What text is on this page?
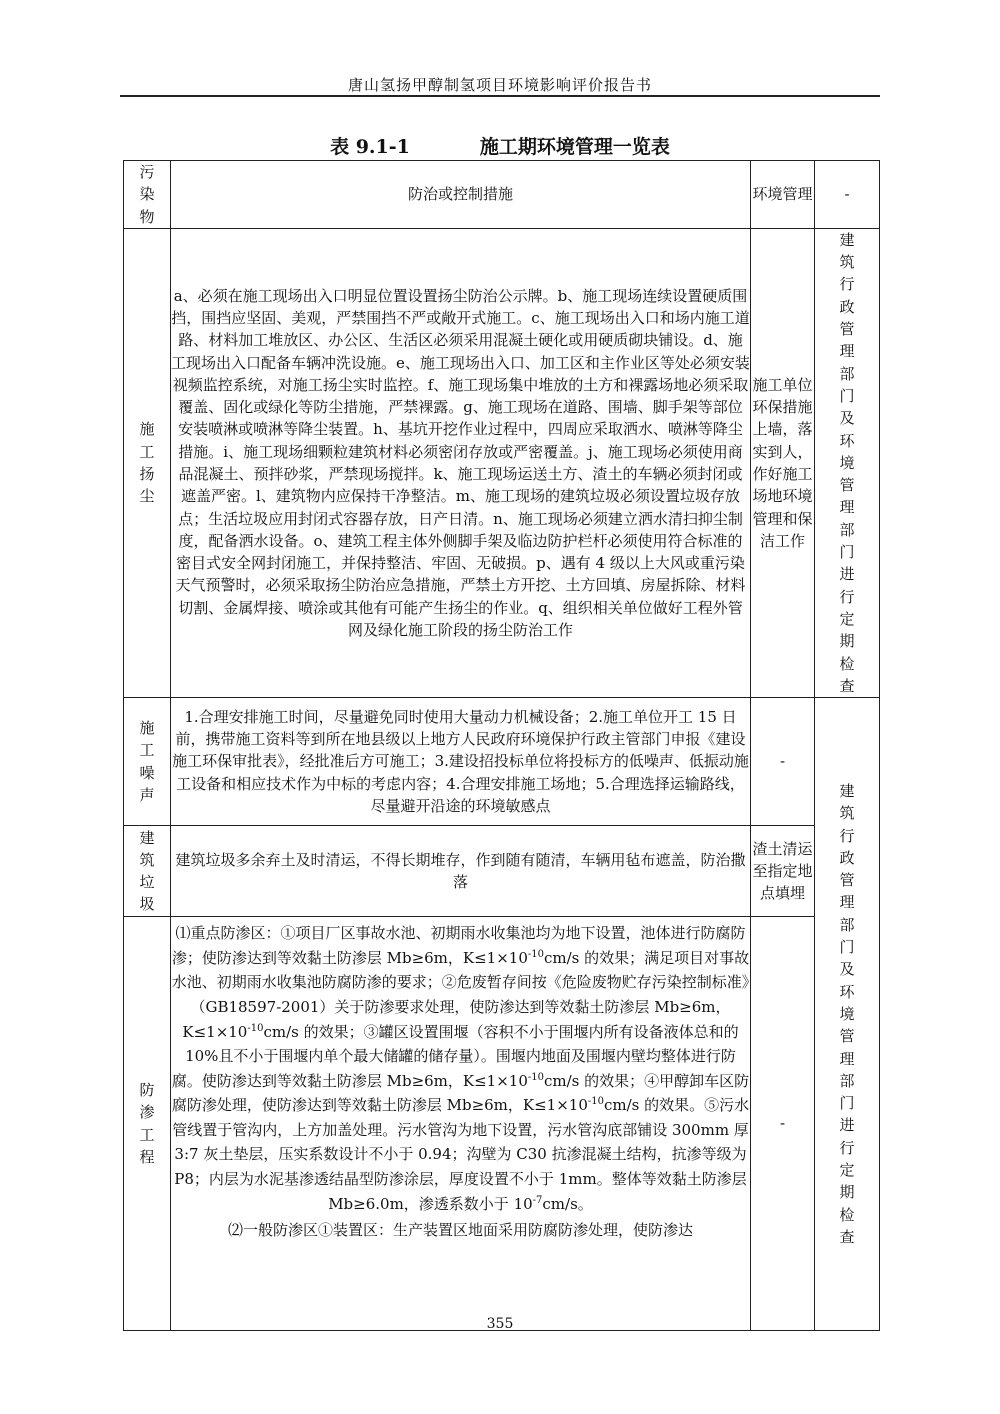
唐山氢扬甲醇制氢项目环境影响评价报告书
表 9.1-1	施工期环境管理一览表
污染物	防治或控制措施	环境管理	-

施工扬尘	a、必须在施工现场出入口明显位置设置扬尘防治公示牌。b、施工现场连续设置硬质围挡，围挡应坚固、美观，严禁围挡不严或敞开式施工。c、施工现场出入口和场内施工道路、材料加工堆放区、办公区、生活区必须采用混凝土硬化或用硬质砌块铺设。d、施工现场出入口配备车辆冲洗设施。e、施工现场出入口、加工区和主作业区等处必须安装视频监控系统，对施工扬尘实时监控。f、施工现场集中堆放的土方和裸露场地必须采取覆盖、固化或绿化等防尘措施，严禁裸露。g、施工现场在道路、围墙、脚手架等部位安装喷淋或喷淋等降尘装置。h、基坑开挖作业过程中，四周应采取洒水、喷淋等降尘措施。i、施工现场细颗粒建筑材料必须密闭存放或严密覆盖。j、施工现场必须使用商品混凝土、预拌砂浆，严禁现场搅拌。k、施工现场运送土方、渣土的车辆必须封闭或遮盖严密。l、建筑物内应保持干净整洁。m、施工现场的建筑垃圾必须设置垃圾存放点；生活垃圾应用封闭式容器存放，日产日清。n、施工现场必须建立洒水清扫抑尘制度，配备洒水设备。o、建筑工程主体外侧脚手架及临边防护栏杆必须使用符合标准的密目式安全网封闭施工，并保持整洁、牢固、无破损。p、遇有 4 级以上大风或重污染天气预警时，必须采取扬尘防治应急措施，严禁土方开挖、土方回填、房屋拆除、材料切割、金属焊接、喷涂或其他有可能产生扬尘的作业。q、组织相关单位做好工程外管网及绿化施工阶段的扬尘防治工作	施工单位环保措施上墙，落实到人，作好施工场地环境管理和保洁工作	建筑行政管理部门及环境管理部门进行定期检查

施工噪声	1.合理安排施工时间，尽量避免同时使用大量动力机械设备；2.施工单位开工 15 日前，携带施工资料等到所在地县级以上地方人民政府环境保护行政主管部门申报《建设施工环保审批表》，经批准后方可施工；3.建设招投标单位将投标方的低噪声、低振动施工设备和相应技术作为中标的考虑内容；4.合理安排施工场地；5.合理选择运输路线，尽量避开沿途的环境敏感点	-	建筑行政管理部门及环境管理部门进行定期检查

建筑垃圾	建筑垃圾多余弃土及时清运，不得长期堆存，作到随有随清，车辆用毡布遮盖，防治撒落	渣土清运至指定地点填埋	

防渗工程	⑴重点防渗区：①项目厂区事故水池、初期雨水收集池均为地下设置，池体进行防腐防渗；使防渗达到等效黏土防渗层 Mb≥6m，$K\le 1\times 10^{-10}cm/s$ 的效果；满足项目对事故水池、初期雨水收集池防腐防渗的要求；②危废暂存间按《危险废物贮存污染控制标准》（GB18597-2001）关于防渗要求处理，使防渗达到等效黏土防渗层 Mb≥6m，$K\le 1\times 10^{-10}cm/s$ 的效果；③罐区设置围堰（容积不小于围堰内所有设备液体总和的 10%且不小于围堰内单个最大储罐的储存量）。围堰内地面及围堰内壁均整体进行防腐。使防渗达到等效黏土防渗层 Mb≥6m，$K\le 1\times 10^{-10}cm/s$ 的效果；④甲醇卸车区防腐防渗处理，使防渗达到等效黏土防渗层 Mb≥6m，$K\le 1\times 10^{-10}cm/s$ 的效果。⑤污水管线置于管沟内，上方加盖处理。污水管沟为地下设置，污水管沟底部铺设 300mm 厚 3:7 灰土垫层，压实系数设计不小于 0.94；沟壁为 C30 抗渗混凝土结构，抗渗等级为 P8；内层为水泥基渗透结晶型防渗涂层，厚度设置不小于 1mm。整体等效黏土防渗层 Mb≥6.0m，渗透系数小于 $10^{-7}cm/s$。
⑵一般防渗区①装置区：生产装置区地面采用防腐防渗处理，使防渗达	-	
355
